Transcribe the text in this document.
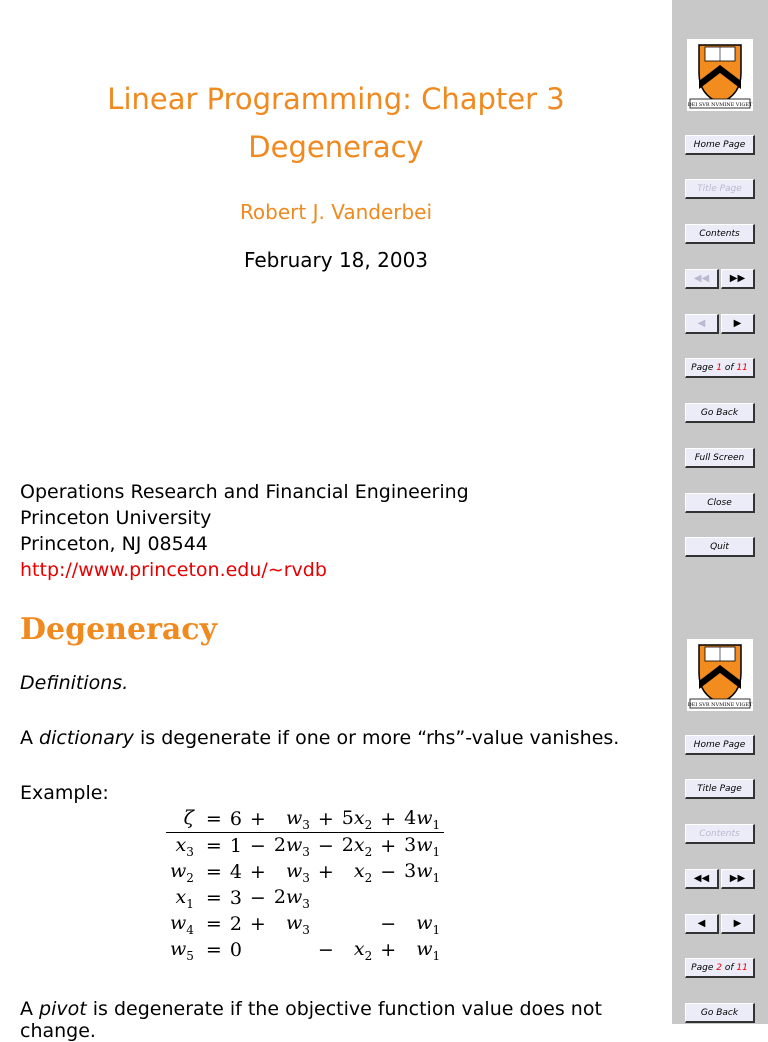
Linear Programming: Chapter 3
Degeneracy
Robert J. Vanderbei
February 18, 2003
Operations Research and Financial Engineering
Princeton University
Princeton, NJ 08544
http://www.princeton.edu/∼rvdb
Degeneracy
Definitions.
A dictionary is degenerate if one or more “rhs”-value vanishes.
Example:
ζ	=	6	+	$w_3$	+	$5x_2$	+	$4w_1$
$x_3$	=	1	−	$2w_3$	−	$2x_2$	+	$3w_1$
$w_2$	=	4	+	$w_3$	+	$x_2$	−	$3w_1$
$x_1$	=	3	−	$2w_3$				
$w_4$	=	2	+	$w_3$			−	$w_1$
$w_5$	=	0			−	$x_2$	+	$w_1$
A pivot is degenerate if the objective function value does not change.
DEI SVB NVMINE VIGET
Home Page
Title Page
Contents
◀◀	▶▶
◀	▶
Page 1 of 11
Go Back
Full Screen
Close
Quit
DEI SVB NVMINE VIGET
Home Page
Title Page
Contents
◀◀	▶▶
◀	▶
Page 2 of 11
Go Back
